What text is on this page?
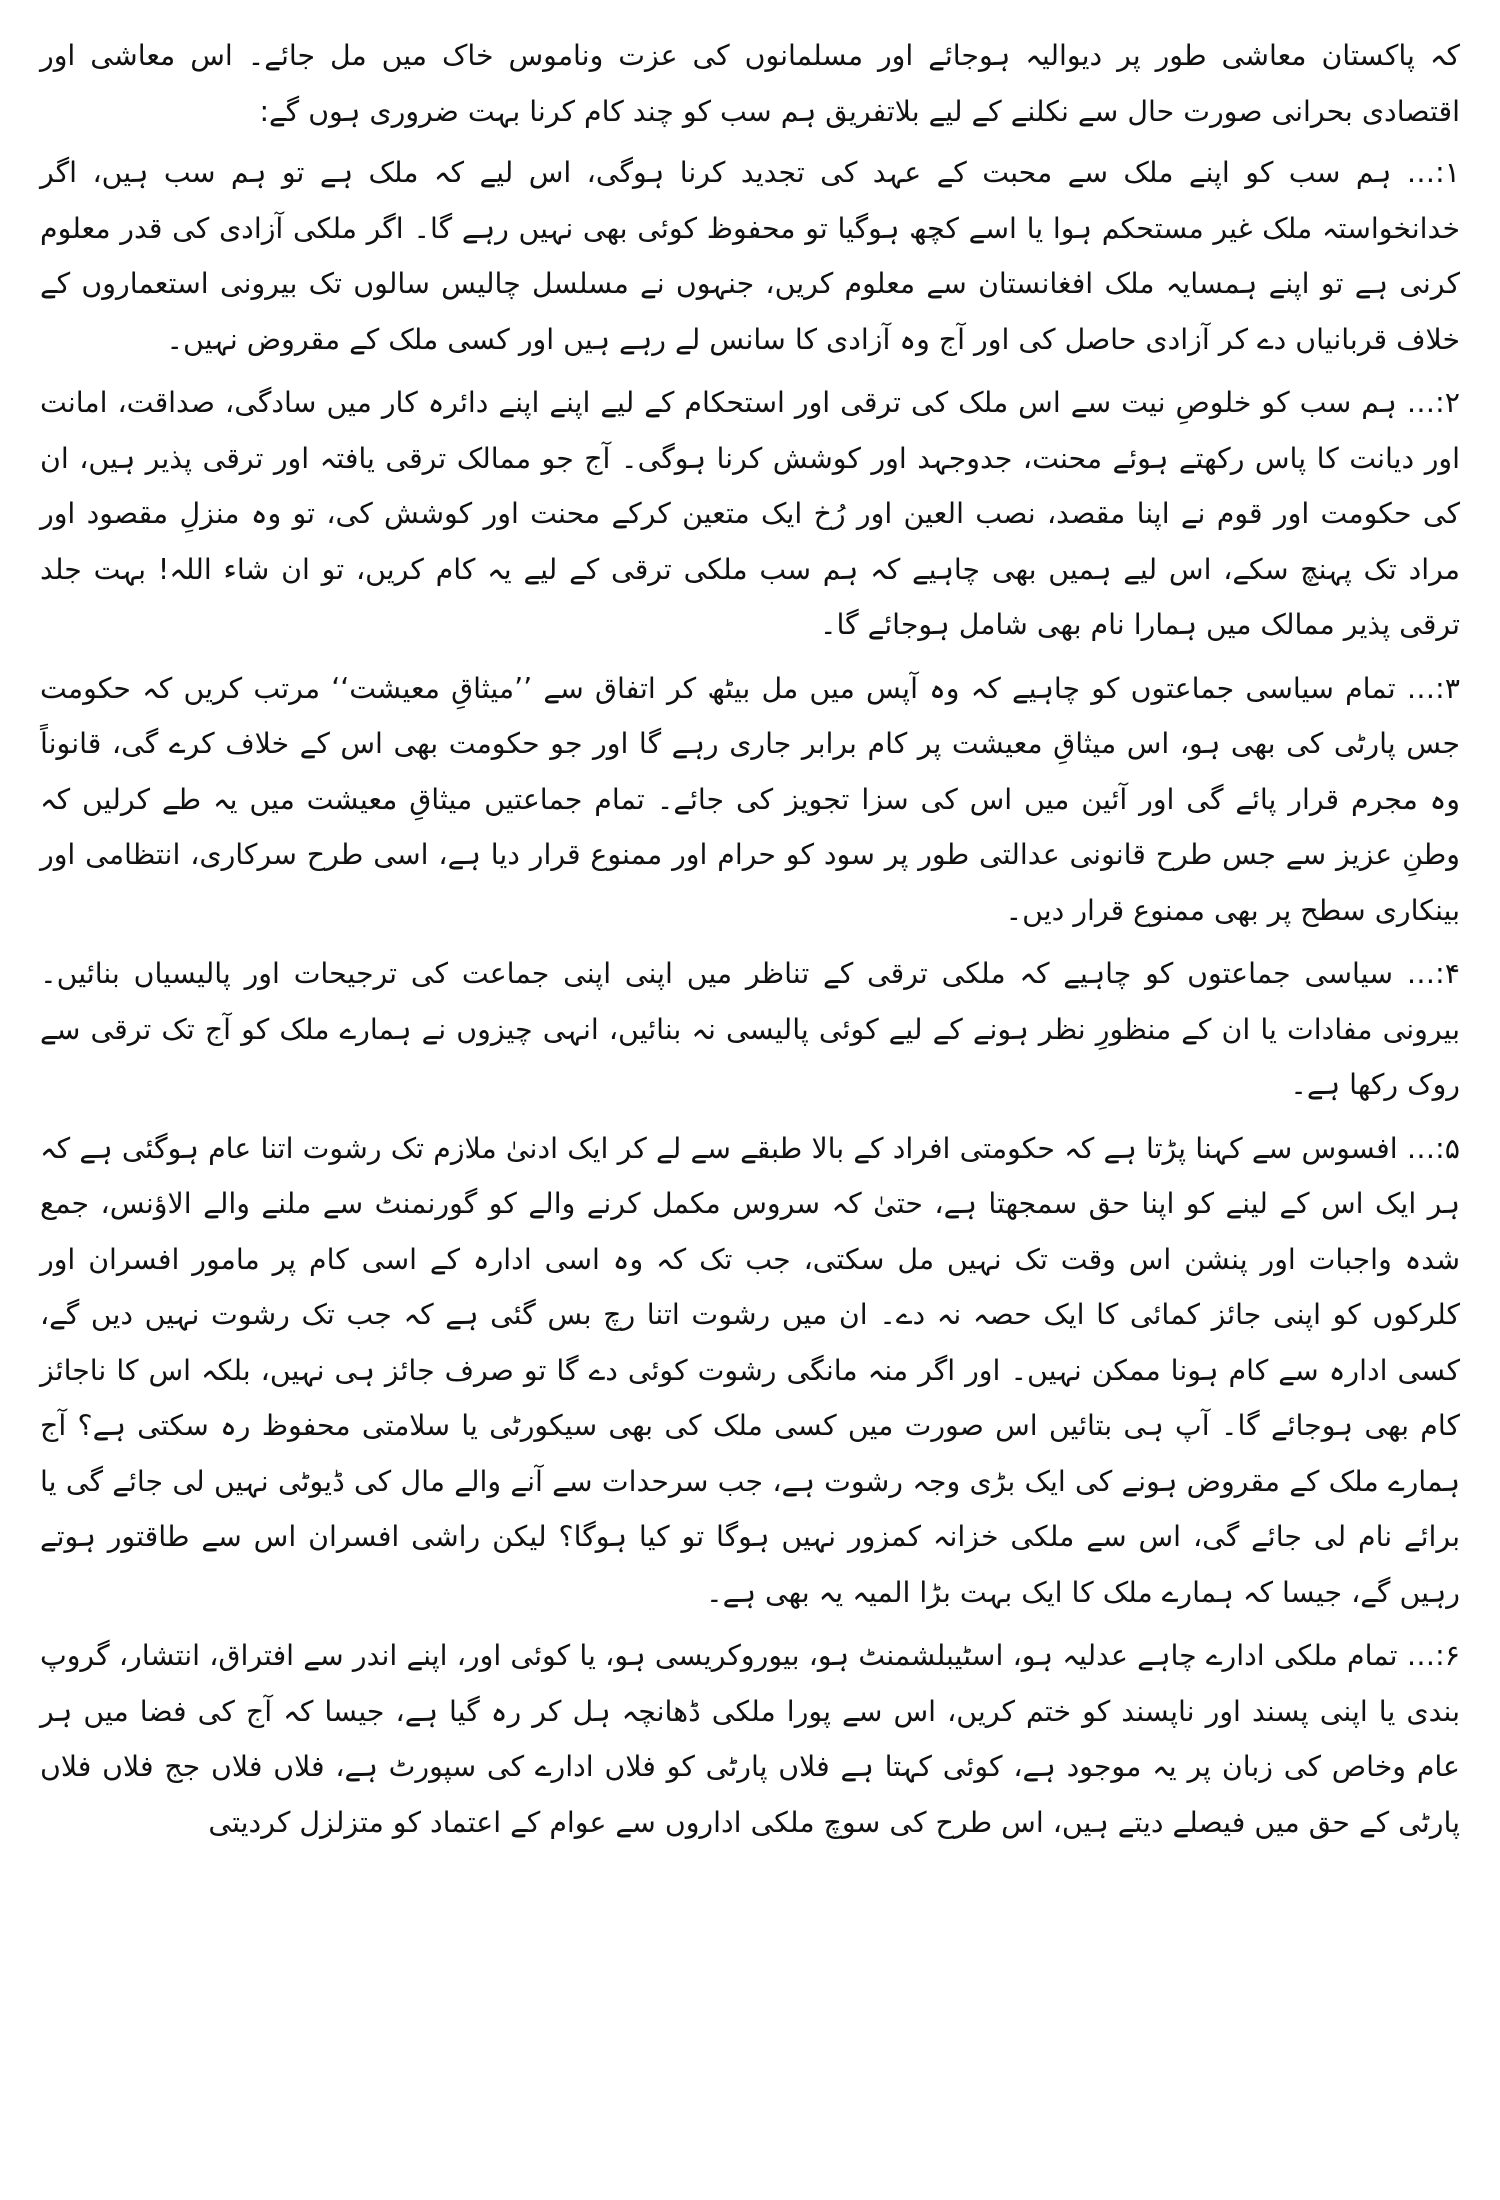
کہ پاکستان معاشی طور پر دیوالیہ ہوجائے اور مسلمانوں کی عزت وناموس خاک میں مل جائے۔ اس معاشی اور اقتصادی بحرانی صورت حال سے نکلنے کے لیے بلاتفریق ہم سب کو چند کام کرنا بہت ضروری ہوں گے:

۱:… ہم سب کو اپنے ملک سے محبت کے عہد کی تجدید کرنا ہوگی، اس لیے کہ ملک ہے تو ہم سب ہیں، اگر خدانخواستہ ملک غیر مستحکم ہوا یا اسے کچھ ہوگیا تو محفوظ کوئی بھی نہیں رہے گا۔ اگر ملکی آزادی کی قدر معلوم کرنی ہے تو اپنے ہمسایہ ملک افغانستان سے معلوم کریں، جنہوں نے مسلسل چالیس سالوں تک بیرونی استعماروں کے خلاف قربانیاں دے کر آزادی حاصل کی اور آج وہ آزادی کا سانس لے رہے ہیں اور کسی ملک کے مقروض نہیں۔

۲:… ہم سب کو خلوصِ نیت سے اس ملک کی ترقی اور استحکام کے لیے اپنے اپنے دائرہ کار میں سادگی، صداقت، امانت اور دیانت کا پاس رکھتے ہوئے محنت، جدوجہد اور کوشش کرنا ہوگی۔ آج جو ممالک ترقی یافتہ اور ترقی پذیر ہیں، ان کی حکومت اور قوم نے اپنا مقصد، نصب العین اور رُخ ایک متعین کرکے محنت اور کوشش کی، تو وہ منزلِ مقصود اور مراد تک پہنچ سکے، اس لیے ہمیں بھی چاہیے کہ ہم سب ملکی ترقی کے لیے یہ کام کریں، تو ان شاء اللہ! بہت جلد ترقی پذیر ممالک میں ہمارا نام بھی شامل ہوجائے گا۔

۳:… تمام سیاسی جماعتوں کو چاہیے کہ وہ آپس میں مل بیٹھ کر اتفاق سے ’’میثاقِ معیشت‘‘ مرتب کریں کہ حکومت جس پارٹی کی بھی ہو، اس میثاقِ معیشت پر کام برابر جاری رہے گا اور جو حکومت بھی اس کے خلاف کرے گی، قانوناً وہ مجرم قرار پائے گی اور آئین میں اس کی سزا تجویز کی جائے۔ تمام جماعتیں میثاقِ معیشت میں یہ طے کرلیں کہ وطنِ عزیز سے جس طرح قانونی عدالتی طور پر سود کو حرام اور ممنوع قرار دیا ہے، اسی طرح سرکاری، انتظامی اور بینکاری سطح پر بھی ممنوع قرار دیں۔

۴:… سیاسی جماعتوں کو چاہیے کہ ملکی ترقی کے تناظر میں اپنی اپنی جماعت کی ترجیحات اور پالیسیاں بنائیں۔ بیرونی مفادات یا ان کے منظورِ نظر ہونے کے لیے کوئی پالیسی نہ بنائیں، انہی چیزوں نے ہمارے ملک کو آج تک ترقی سے روک رکھا ہے۔

۵:… افسوس سے کہنا پڑتا ہے کہ حکومتی افراد کے بالا طبقے سے لے کر ایک ادنیٰ ملازم تک رشوت اتنا عام ہوگئی ہے کہ ہر ایک اس کے لینے کو اپنا حق سمجھتا ہے، حتیٰ کہ سروس مکمل کرنے والے کو گورنمنٹ سے ملنے والے الاؤنس، جمع شدہ واجبات اور پنشن اس وقت تک نہیں مل سکتی، جب تک کہ وہ اسی ادارہ کے اسی کام پر مامور افسران اور کلرکوں کو اپنی جائز کمائی کا ایک حصہ نہ دے۔ ان میں رشوت اتنا رچ بس گئی ہے کہ جب تک رشوت نہیں دیں گے، کسی ادارہ سے کام ہونا ممکن نہیں۔ اور اگر منہ مانگی رشوت کوئی دے گا تو صرف جائز ہی نہیں، بلکہ اس کا ناجائز کام بھی ہوجائے گا۔ آپ ہی بتائیں اس صورت میں کسی ملک کی بھی سیکورٹی یا سلامتی محفوظ رہ سکتی ہے؟ آج ہمارے ملک کے مقروض ہونے کی ایک بڑی وجہ رشوت ہے، جب سرحدات سے آنے والے مال کی ڈیوٹی نہیں لی جائے گی یا برائے نام لی جائے گی، اس سے ملکی خزانہ کمزور نہیں ہوگا تو کیا ہوگا؟ لیکن راشی افسران اس سے طاقتور ہوتے رہیں گے، جیسا کہ ہمارے ملک کا ایک بہت بڑا المیہ یہ بھی ہے۔

۶:… تمام ملکی ادارے چاہے عدلیہ ہو، اسٹیبلشمنٹ ہو، بیوروکریسی ہو، یا کوئی اور، اپنے اندر سے افتراق، انتشار، گروپ بندی یا اپنی پسند اور ناپسند کو ختم کریں، اس سے پورا ملکی ڈھانچہ ہل کر رہ گیا ہے، جیسا کہ آج کی فضا میں ہر عام وخاص کی زبان پر یہ موجود ہے، کوئی کہتا ہے فلاں پارٹی کو فلاں ادارے کی سپورٹ ہے، فلاں فلاں جج فلاں فلاں پارٹی کے حق میں فیصلے دیتے ہیں، اس طرح کی سوچ ملکی اداروں سے عوام کے اعتماد کو متزلزل کردیتی
